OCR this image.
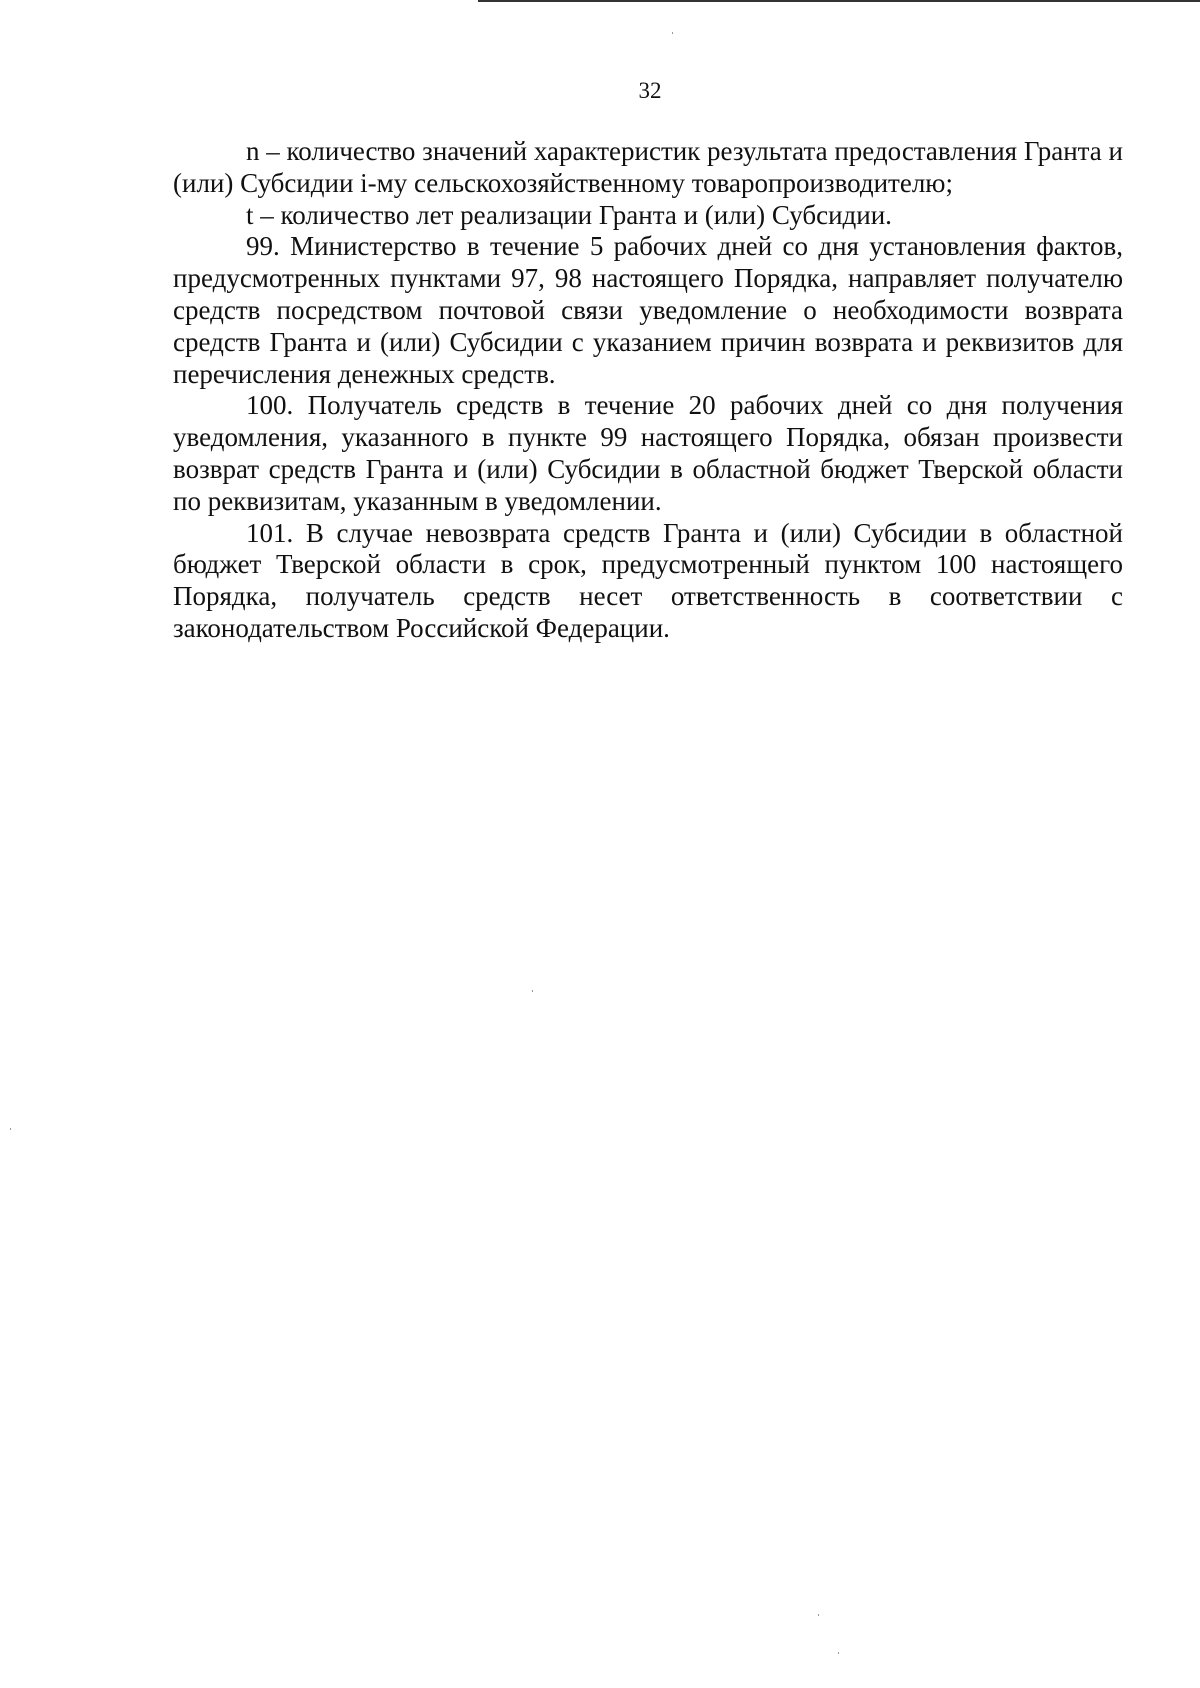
32

n – количество значений характеристик результата предоставления Гранта и (или) Субсидии i-му сельскохозяйственному товаропроизводителю;

t – количество лет реализации Гранта и (или) Субсидии.

99. Министерство в течение 5 рабочих дней со дня установления фактов, предусмотренных пунктами 97, 98 настоящего Порядка, направляет получателю средств посредством почтовой связи уведомление о необходимости возврата средств Гранта и (или) Субсидии с указанием причин возврата и реквизитов для перечисления денежных средств.

100. Получатель средств в течение 20 рабочих дней со дня получения уведомления, указанного в пункте 99 настоящего Порядка, обязан произвести возврат средств Гранта и (или) Субсидии в областной бюджет Тверской области по реквизитам, указанным в уведомлении.

101. В случае невозврата средств Гранта и (или) Субсидии в областной бюджет Тверской области в срок, предусмотренный пунктом 100 настоящего Порядка, получатель средств несет ответственность в соответствии с законодательством Российской Федерации.
